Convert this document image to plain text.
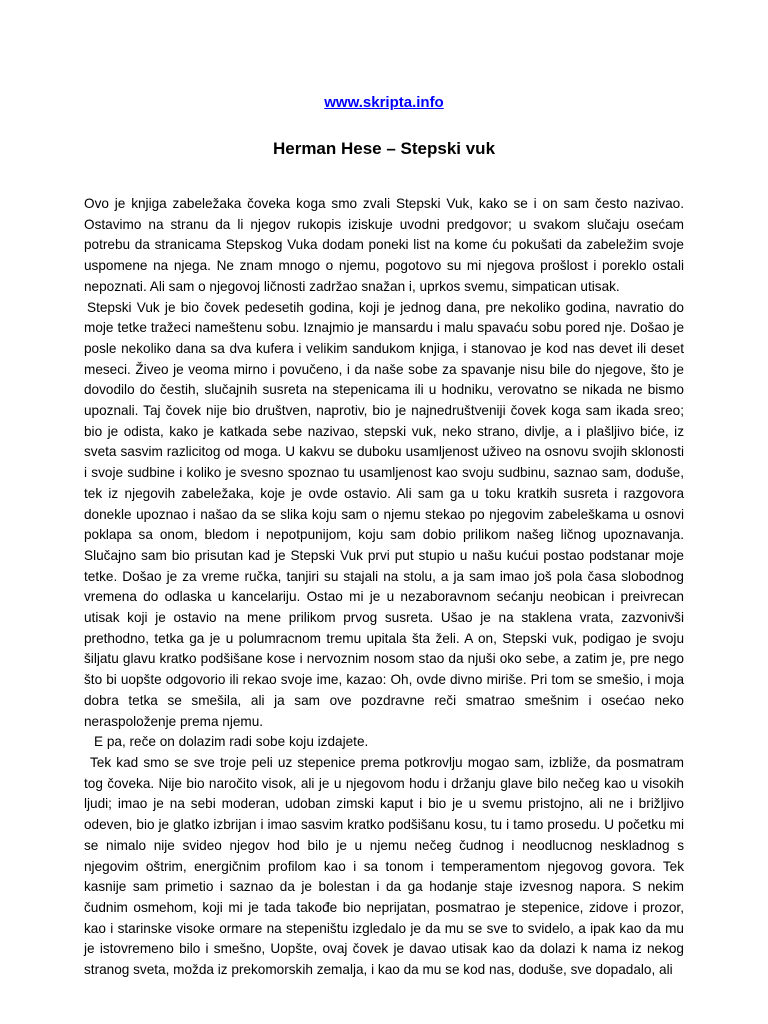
www.skripta.info
Herman Hese – Stepski vuk

Ovo je knjiga zabeležaka čoveka koga smo zvali Stepski Vuk, kako se i on sam često nazivao. Ostavimo na stranu da li njegov rukopis iziskuje uvodni predgovor; u svakom slučaju osećam potrebu da stranicama Stepskog Vuka dodam poneki list na kome ću pokušati da zabeležim svoje uspomene na njega. Ne znam mnogo o njemu, pogotovo su mi njegova prošlost i poreklo ostali nepoznati. Ali sam o njegovoj ličnosti zadržao snažan i, uprkos svemu, simpatican utisak.

Stepski Vuk je bio čovek pedesetih godina, koji je jednog dana, pre nekoliko godina, navratio do moje tetke tražeci nameštenu sobu. Iznajmio je mansardu i malu spavaću sobu pored nje. Došao je posle nekoliko dana sa dva kufera i velikim sandukom knjiga, i stanovao je kod nas devet ili deset meseci. Živeo je veoma mirno i povučeno, i da naše sobe za spavanje nisu bile do njegove, što je dovodilo do čestih, slučajnih susreta na stepenicama ili u hodniku, verovatno se nikada ne bismo upoznali. Taj čovek nije bio društven, naprotiv, bio je najnedruštveniji čovek koga sam ikada sreo; bio je odista, kako je katkada sebe nazivao, stepski vuk, neko strano, divlje, a i plašljivo biće, iz sveta sasvim razlicitog od moga. U kakvu se duboku usamljenost uživeo na osnovu svojih sklonosti i svoje sudbine i koliko je svesno spoznao tu usamljenost kao svoju sudbinu, saznao sam, doduše, tek iz njegovih zabeležaka, koje je ovde ostavio. Ali sam ga u toku kratkih susreta i razgovora donekle upoznao i našao da se slika koju sam o njemu stekao po njegovim zabeleškama u osnovi poklapa sa onom, bledom i nepotpunijom, koju sam dobio prilikom našeg ličnog upoznavanja. Slučajno sam bio prisutan kad je Stepski Vuk prvi put stupio u našu kućui postao podstanar moje tetke. Došao je za vreme ručka, tanjiri su stajali na stolu, a ja sam imao još pola časa slobodnog vremena do odlaska u kancelariju. Ostao mi je u nezaboravnom sećanju neobican i preivrecan utisak koji je ostavio na mene prilikom prvog susreta. Ušao je na staklena vrata, zazvonivši prethodno, tetka ga je u polumracnom tremu upitala šta želi. A on, Stepski vuk, podigao je svoju šiljatu glavu kratko podšišane kose i nervoznim nosom stao da njuši oko sebe, a zatim je, pre nego što bi uopšte odgovorio ili rekao svoje ime, kazao: Oh, ovde divno miriše. Pri tom se smešio, i moja dobra tetka se smešila, ali ja sam ove pozdravne reči smatrao smešnim i osećao neko neraspoloženje prema njemu.

E pa, reče on dolazim radi sobe koju izdajete.

Tek kad smo se sve troje peli uz stepenice prema potkrovlju mogao sam, izbliže, da posmatram tog čoveka. Nije bio naročito visok, ali je u njegovom hodu i držanju glave bilo nečeg kao u visokih ljudi; imao je na sebi moderan, udoban zimski kaput i bio je u svemu pristojno, ali ne i brižljivo odeven, bio je glatko izbrijan i imao sasvim kratko podšišanu kosu, tu i tamo prosedu. U početku mi se nimalo nije svideo njegov hod bilo je u njemu nečeg čudnog i neodlucnog neskladnog s njegovim oštrim, energičnim profilom kao i sa tonom i temperamentom njegovog govora. Tek kasnije sam primetio i saznao da je bolestan i da ga hodanje staje izvesnog napora. S nekim čudnim osmehom, koji mi je tada takođe bio neprijatan, posmatrao je stepenice, zidove i prozor, kao i starinske visoke ormare na stepeništu izgledalo je da mu se sve to svidelo, a ipak kao da mu je istovremeno bilo i smešno, Uopšte, ovaj čovek je davao utisak kao da dolazi k nama iz nekog stranog sveta, možda iz prekomorskih zemalja, i kao da mu se kod nas, doduše, sve dopadalo, ali
